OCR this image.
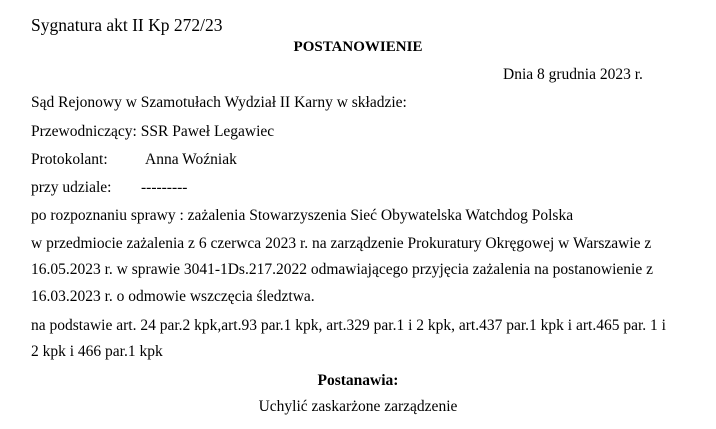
Sygnatura akt II Kp 272/23
POSTANOWIENIE
Dnia 8 grudnia 2023 r.
Sąd Rejonowy w Szamotułach Wydział II Karny w składzie:
Przewodniczący: SSR Paweł Legawiec
Protokolant: Anna Woźniak
przy udziale: ---------
po rozpoznaniu sprawy : zażalenia Stowarzyszenia Sieć Obywatelska Watchdog Polska
w przedmiocie zażalenia z 6 czerwca 2023 r. na zarządzenie Prokuratury Okręgowej w Warszawie z
16.05.2023 r. w sprawie 3041-1Ds.217.2022 odmawiającego przyjęcia zażalenia na postanowienie z
16.03.2023 r. o odmowie wszczęcia śledztwa.
na podstawie art. 24 par.2 kpk,art.93 par.1 kpk, art.329 par.1 i 2 kpk, art.437 par.1 kpk i art.465 par. 1 i
2 kpk i 466 par.1 kpk
Postanawia:
Uchylić zaskarżone zarządzenie
